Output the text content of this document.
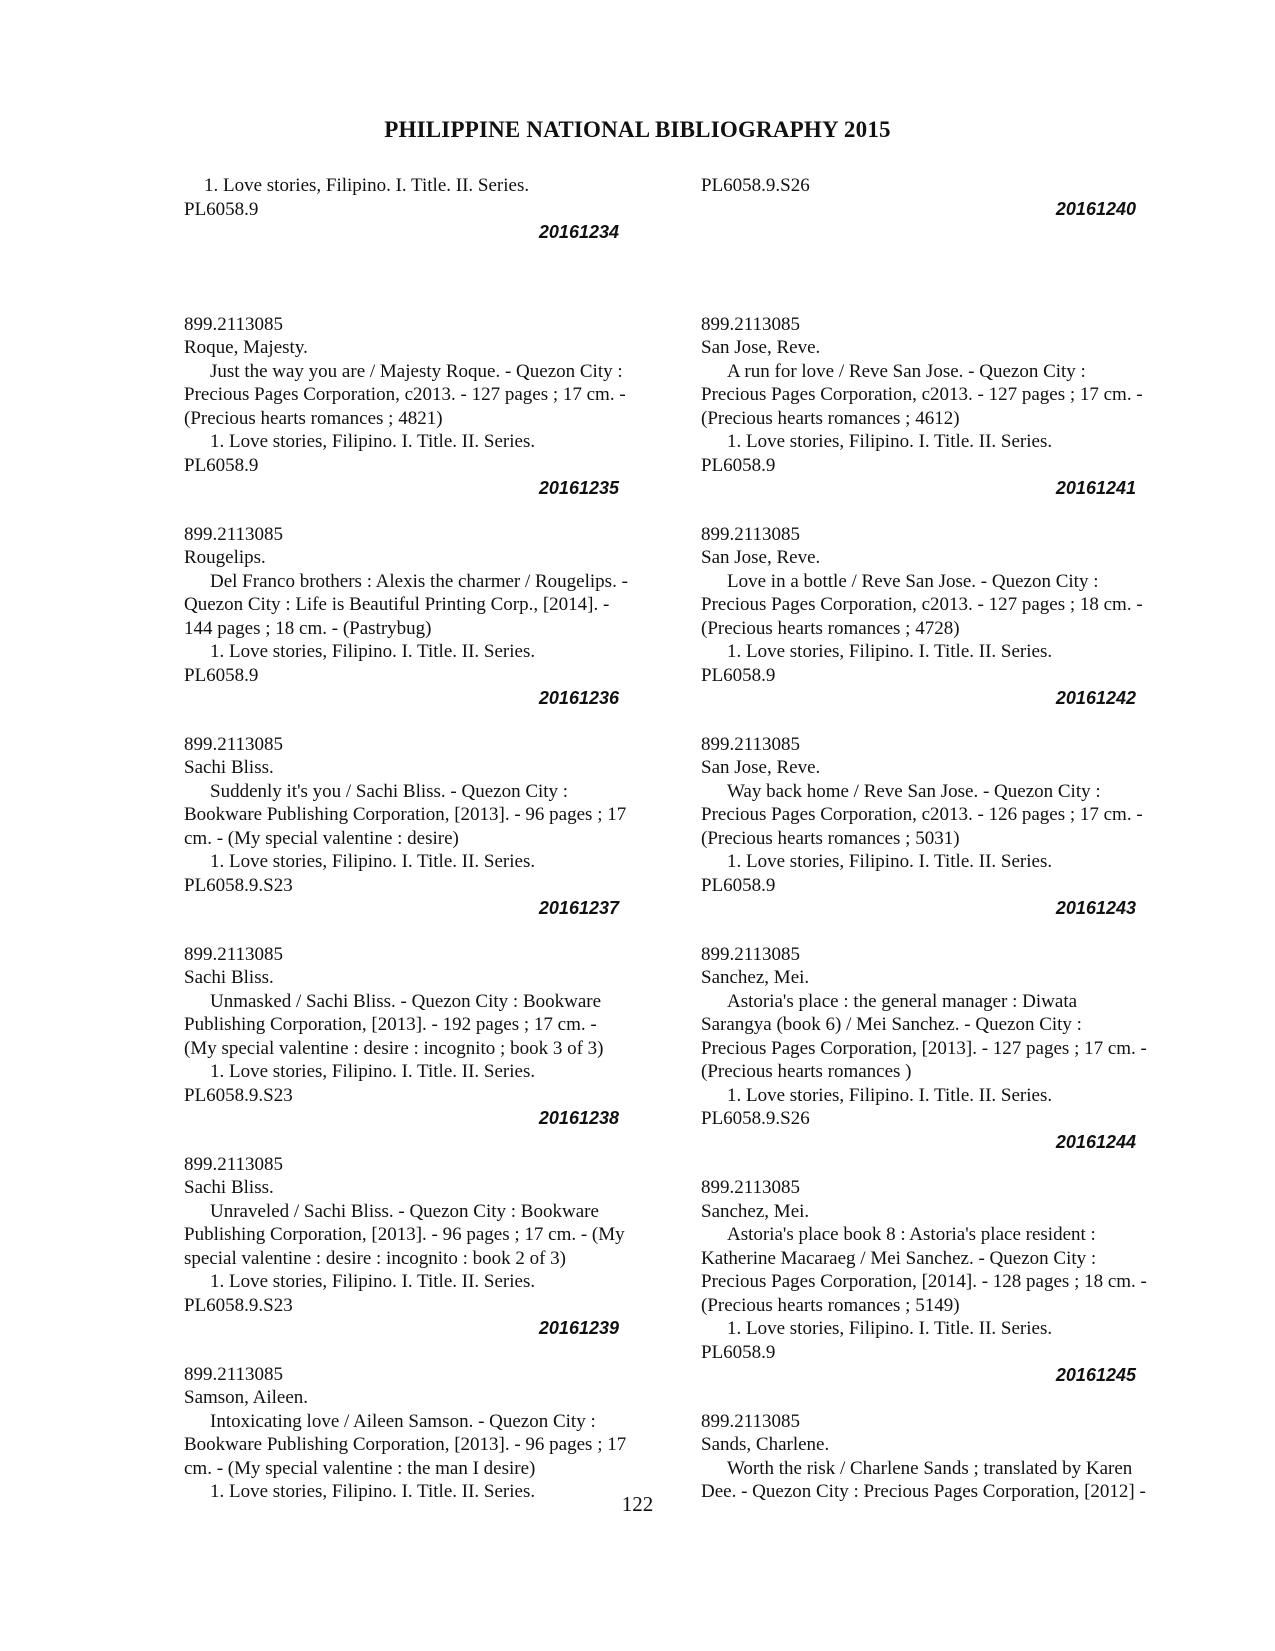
PHILIPPINE NATIONAL BIBLIOGRAPHY 2015
1. Love stories, Filipino. I. Title. II. Series.
PL6058.9
20161234
899.2113085
Roque, Majesty.
Just the way you are / Majesty Roque. - Quezon City :
Precious Pages Corporation, c2013. - 127 pages ; 17 cm. -
(Precious hearts romances ; 4821)
1. Love stories, Filipino. I. Title. II. Series.
PL6058.9
20161235
899.2113085
Rougelips.
Del Franco brothers : Alexis the charmer / Rougelips. -
Quezon City : Life is Beautiful Printing Corp., [2014]. -
144 pages ; 18 cm. - (Pastrybug)
1. Love stories, Filipino. I. Title. II. Series.
PL6058.9
20161236
899.2113085
Sachi Bliss.
Suddenly it's you / Sachi Bliss. - Quezon City :
Bookware Publishing Corporation, [2013]. - 96 pages ; 17
cm. - (My special valentine : desire)
1. Love stories, Filipino. I. Title. II. Series.
PL6058.9.S23
20161237
899.2113085
Sachi Bliss.
Unmasked / Sachi Bliss. - Quezon City : Bookware
Publishing Corporation, [2013]. - 192 pages ; 17 cm. -
(My special valentine : desire : incognito ; book 3 of 3)
1. Love stories, Filipino. I. Title. II. Series.
PL6058.9.S23
20161238
899.2113085
Sachi Bliss.
Unraveled / Sachi Bliss. - Quezon City : Bookware
Publishing Corporation, [2013]. - 96 pages ; 17 cm. - (My
special valentine : desire : incognito : book 2 of 3)
1. Love stories, Filipino. I. Title. II. Series.
PL6058.9.S23
20161239
899.2113085
Samson, Aileen.
Intoxicating love / Aileen Samson. - Quezon City :
Bookware Publishing Corporation, [2013]. - 96 pages ; 17
cm. - (My special valentine : the man I desire)
1. Love stories, Filipino. I. Title. II. Series.
PL6058.9.S26
20161240
899.2113085
San Jose, Reve.
A run for love / Reve San Jose. - Quezon City :
Precious Pages Corporation, c2013. - 127 pages ; 17 cm. -
(Precious hearts romances ; 4612)
1. Love stories, Filipino. I. Title. II. Series.
PL6058.9
20161241
899.2113085
San Jose, Reve.
Love in a bottle / Reve San Jose. - Quezon City :
Precious Pages Corporation, c2013. - 127 pages ; 18 cm. -
(Precious hearts romances ; 4728)
1. Love stories, Filipino. I. Title. II. Series.
PL6058.9
20161242
899.2113085
San Jose, Reve.
Way back home / Reve San Jose. - Quezon City :
Precious Pages Corporation, c2013. - 126 pages ; 17 cm. -
(Precious hearts romances ; 5031)
1. Love stories, Filipino. I. Title. II. Series.
PL6058.9
20161243
899.2113085
Sanchez, Mei.
Astoria's place : the general manager : Diwata
Sarangya (book 6) / Mei Sanchez. - Quezon City :
Precious Pages Corporation, [2013]. - 127 pages ; 17 cm. -
(Precious hearts romances )
1. Love stories, Filipino. I. Title. II. Series.
PL6058.9.S26
20161244
899.2113085
Sanchez, Mei.
Astoria's place book 8 : Astoria's place resident :
Katherine Macaraeg / Mei Sanchez. - Quezon City :
Precious Pages Corporation, [2014]. - 128 pages ; 18 cm. -
(Precious hearts romances ; 5149)
1. Love stories, Filipino. I. Title. II. Series.
PL6058.9
20161245
899.2113085
Sands, Charlene.
Worth the risk / Charlene Sands ; translated by Karen
Dee. - Quezon City : Precious Pages Corporation, [2012] -
122
